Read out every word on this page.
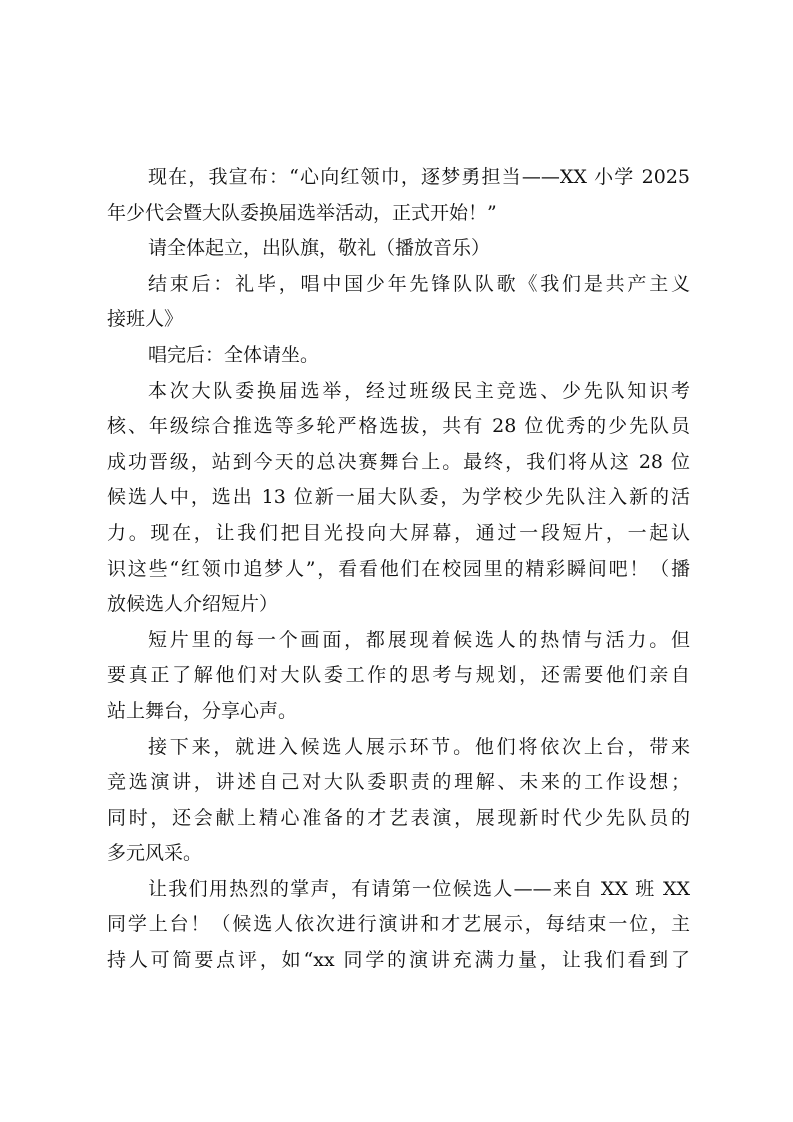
现在，我宣布：“心向红领巾，逐梦勇担当——XX 小学 2025
年少代会暨大队委换届选举活动，正式开始！”
请全体起立，出队旗，敬礼（播放音乐）
结束后：礼毕，唱中国少年先锋队队歌《我们是共产主义
接班人》
唱完后：全体请坐。
本次大队委换届选举，经过班级民主竞选、少先队知识考
核、年级综合推选等多轮严格选拔，共有 28 位优秀的少先队员
成功晋级，站到今天的总决赛舞台上。最终，我们将从这 28 位
候选人中，选出 13 位新一届大队委，为学校少先队注入新的活
力。现在，让我们把目光投向大屏幕，通过一段短片，一起认
识这些“红领巾追梦人”，看看他们在校园里的精彩瞬间吧！（播
放候选人介绍短片）
短片里的每一个画面，都展现着候选人的热情与活力。但
要真正了解他们对大队委工作的思考与规划，还需要他们亲自
站上舞台，分享心声。
接下来，就进入候选人展示环节。他们将依次上台，带来
竞选演讲，讲述自己对大队委职责的理解、未来的工作设想；
同时，还会献上精心准备的才艺表演，展现新时代少先队员的
多元风采。
让我们用热烈的掌声，有请第一位候选人——来自 XX 班 XX
同学上台！（候选人依次进行演讲和才艺展示，每结束一位，主
持人可简要点评，如“xx 同学的演讲充满力量，让我们看到了
